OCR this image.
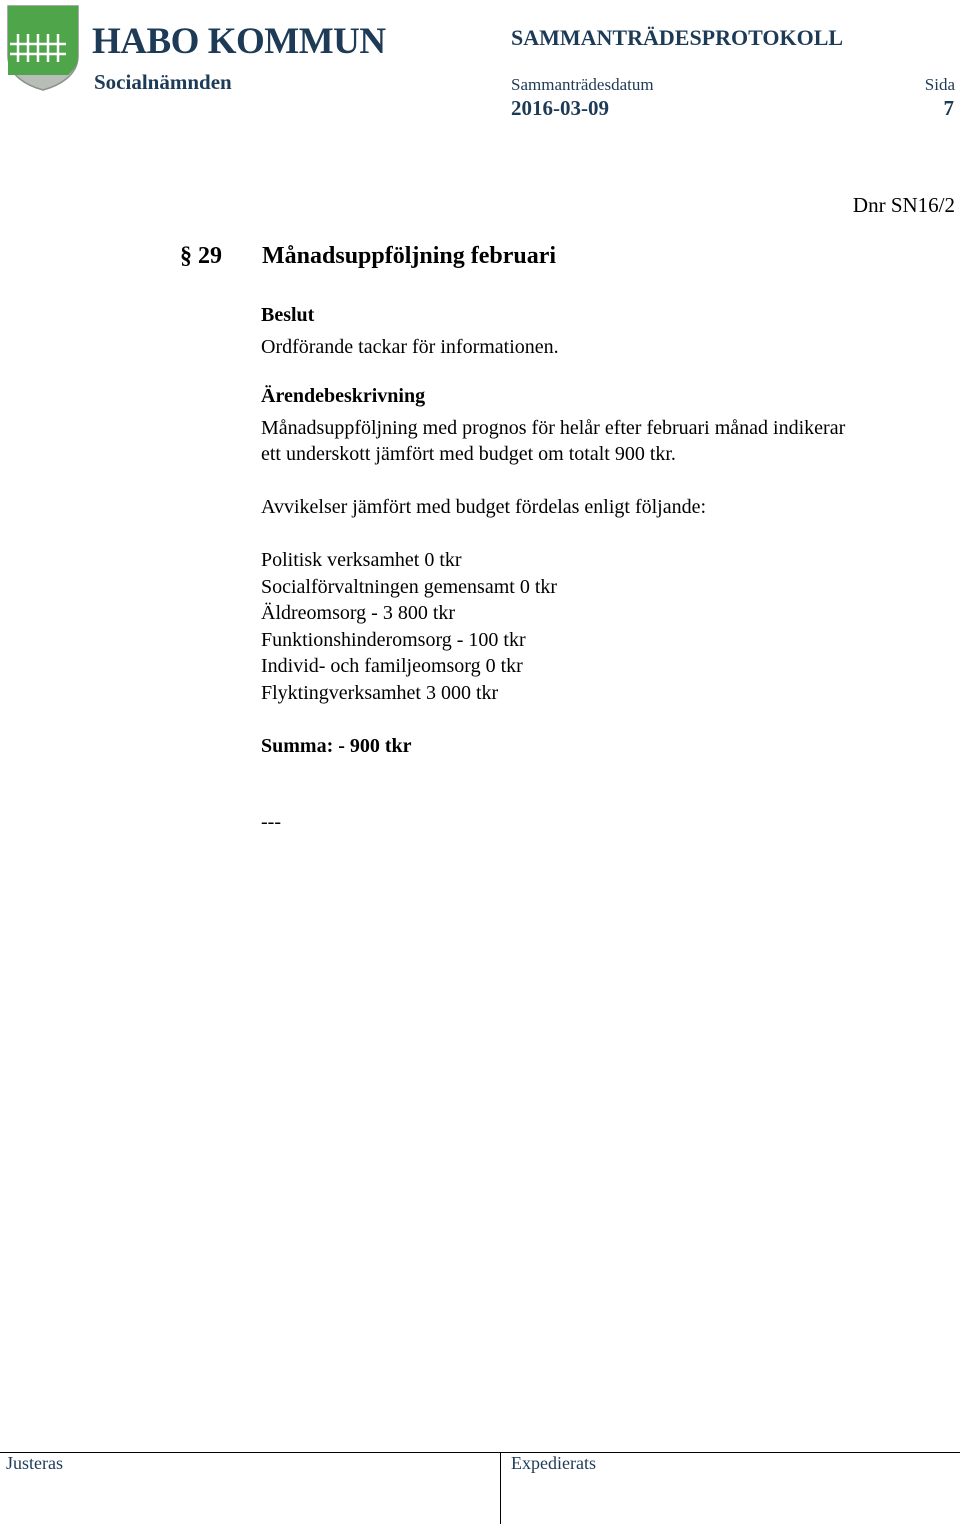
HABO KOMMUN
Socialnämnden
SAMMANTRÄDESPROTOKOLL
Sammanträdesdatum	Sida
2016-03-09	7
Dnr SN16/2
§ 29 Månadsuppföljning februari
Beslut
Ordförande tackar för informationen.
Ärendebeskrivning
Månadsuppföljning med prognos för helår efter februari månad indikerar
ett underskott jämfört med budget om totalt 900 tkr.
Avvikelser jämfört med budget fördelas enligt följande:
Politisk verksamhet 0 tkr
Socialförvaltningen gemensamt 0 tkr
Äldreomsorg - 3 800 tkr
Funktionshinderomsorg - 100 tkr
Individ- och familjeomsorg 0 tkr
Flyktingverksamhet 3 000 tkr
Summa: - 900 tkr
---
Justeras	Expedierats
